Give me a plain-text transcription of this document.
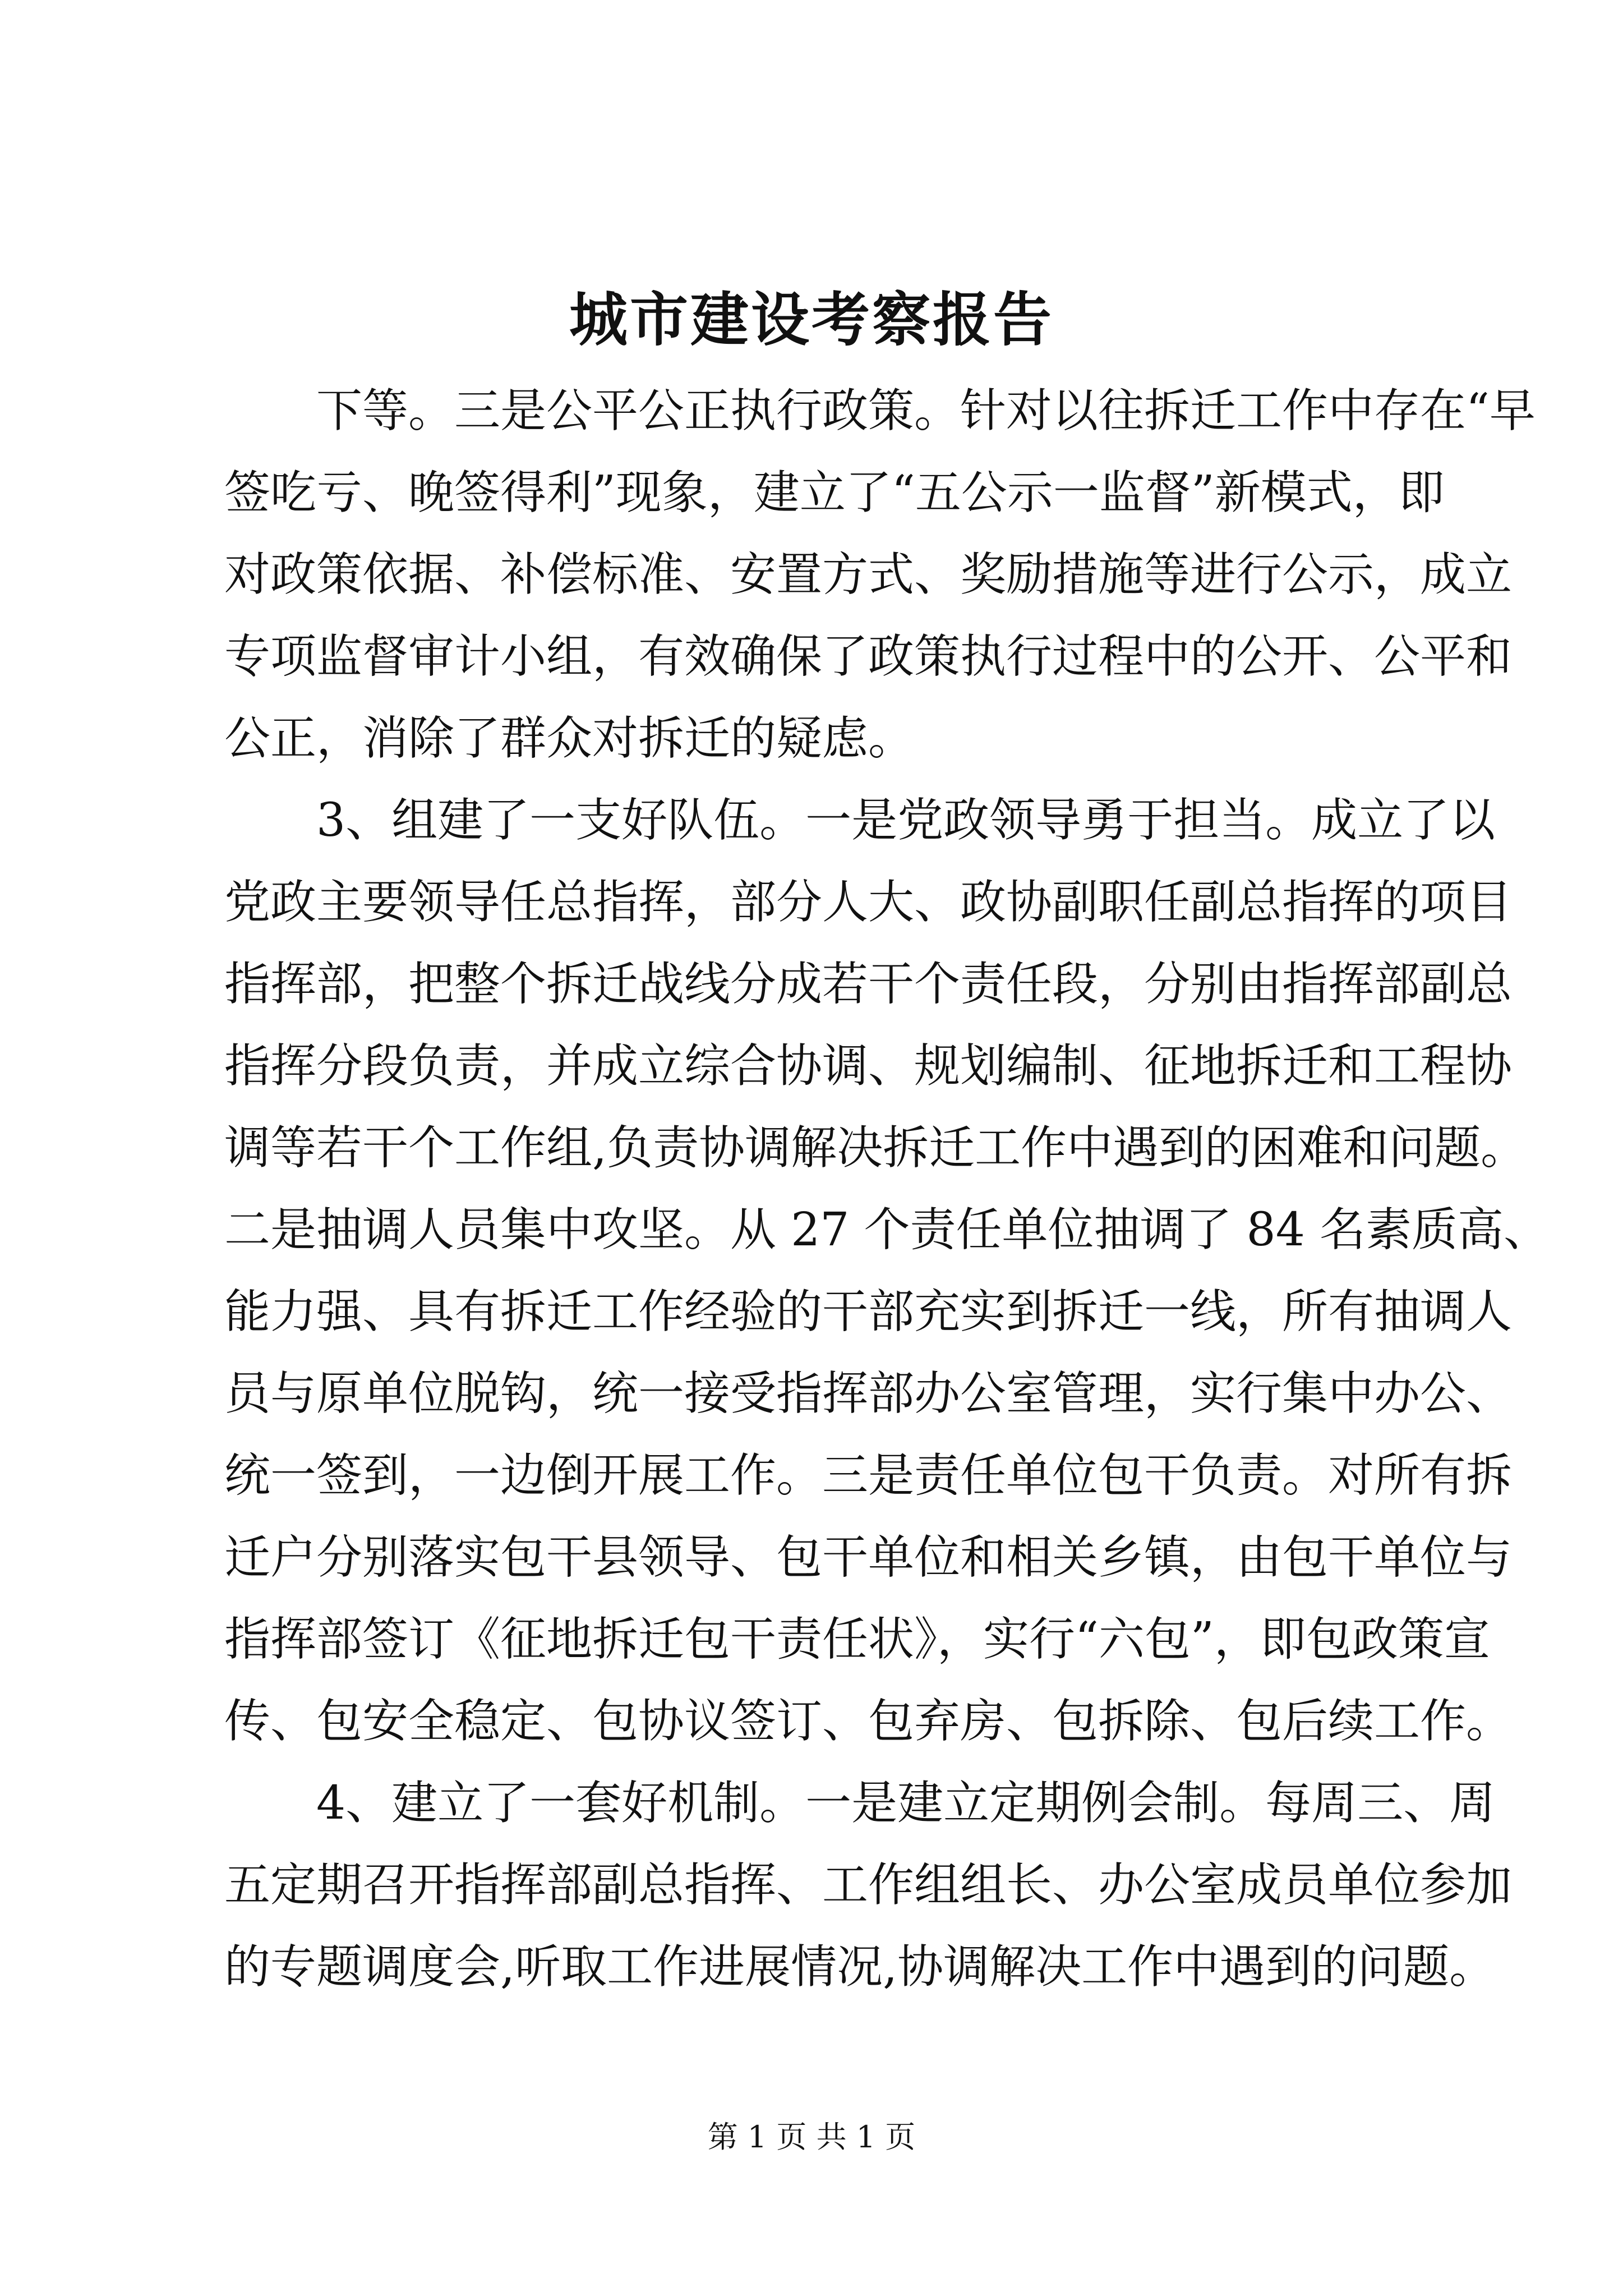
城市建设考察报告
下等。三是公平公正执行政策。针对以往拆迁工作中存在“早
签吃亏、晚签得利”现象，建立了“五公示一监督”新模式，即
对政策依据、补偿标准、安置方式、奖励措施等进行公示，成立
专项监督审计小组，有效确保了政策执行过程中的公开、公平和
公正，消除了群众对拆迁的疑虑。
3、组建了一支好队伍。一是党政领导勇于担当。成立了以
党政主要领导任总指挥，部分人大、政协副职任副总指挥的项目
指挥部，把整个拆迁战线分成若干个责任段，分别由指挥部副总
指挥分段负责，并成立综合协调、规划编制、征地拆迁和工程协
调等若干个工作组,负责协调解决拆迁工作中遇到的困难和问题。
二是抽调人员集中攻坚。从 27 个责任单位抽调了 84 名素质高、
能力强、具有拆迁工作经验的干部充实到拆迁一线，所有抽调人
员与原单位脱钩，统一接受指挥部办公室管理，实行集中办公、
统一签到，一边倒开展工作。三是责任单位包干负责。对所有拆
迁户分别落实包干县领导、包干单位和相关乡镇，由包干单位与
指挥部签订《征地拆迁包干责任状》，实行“六包”，即包政策宣
传、包安全稳定、包协议签订、包弃房、包拆除、包后续工作。
4、建立了一套好机制。一是建立定期例会制。每周三、周
五定期召开指挥部副总指挥、工作组组长、办公室成员单位参加
的专题调度会,听取工作进展情况,协调解决工作中遇到的问题。
第 1 页 共 1 页
